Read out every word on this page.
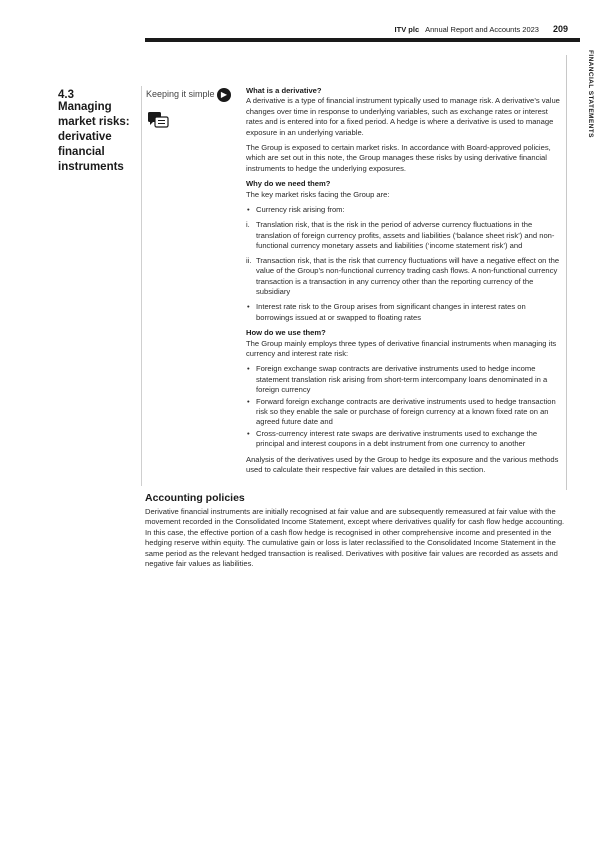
ITV plc Annual Report and Accounts 2023 209
FINANCIAL STATEMENTS
4.3
Managing market risks: derivative financial instruments
Keeping it simple ▶	What is a derivative?

A derivative is a type of financial instrument typically used to manage risk. A derivative’s value changes over time in response to underlying variables, such as exchange rates or interest rates and is entered into for a fixed period. A hedge is where a derivative is used to manage exposure in an underlying variable.

The Group is exposed to certain market risks. In accordance with Board-approved policies, which are set out in this note, the Group manages these risks by using derivative financial instruments to hedge the underlying exposures.

Why do we need them?

The key market risks facing the Group are:

• Currency risk arising from:
i. Translation risk, that is the risk in the period of adverse currency fluctuations in the translation of foreign currency profits, assets and liabilities (‘balance sheet risk’) and non-functional currency monetary assets and liabilities (‘income statement risk’) and
ii. Transaction risk, that is the risk that currency fluctuations will have a negative effect on the value of the Group’s non-functional currency trading cash flows. A non-functional currency transaction is a transaction in any currency other than the reporting currency of the subsidiary
• Interest rate risk to the Group arises from significant changes in interest rates on borrowings issued at or swapped to floating rates

How do we use them?

The Group mainly employs three types of derivative financial instruments when managing its currency and interest rate risk:

• Foreign exchange swap contracts are derivative instruments used to hedge income statement translation risk arising from short-term intercompany loans denominated in a foreign currency
• Forward foreign exchange contracts are derivative instruments used to hedge transaction risk so they enable the sale or purchase of foreign currency at a known fixed rate on an agreed future date and
• Cross-currency interest rate swaps are derivative instruments used to exchange the principal and interest coupons in a debt instrument from one currency to another

Analysis of the derivatives used by the Group to hedge its exposure and the various methods used to calculate their respective fair values are detailed in this section.

Accounting policies
Derivative financial instruments are initially recognised at fair value and are subsequently remeasured at fair value with the movement recorded in the Consolidated Income Statement, except where derivatives qualify for cash flow hedge accounting. In this case, the effective portion of a cash flow hedge is recognised in other comprehensive income and presented in the hedging reserve within equity. The cumulative gain or loss is later reclassified to the Consolidated Income Statement in the same period as the relevant hedged transaction is realised. Derivatives with positive fair values are recorded as assets and negative fair values as liabilities.
